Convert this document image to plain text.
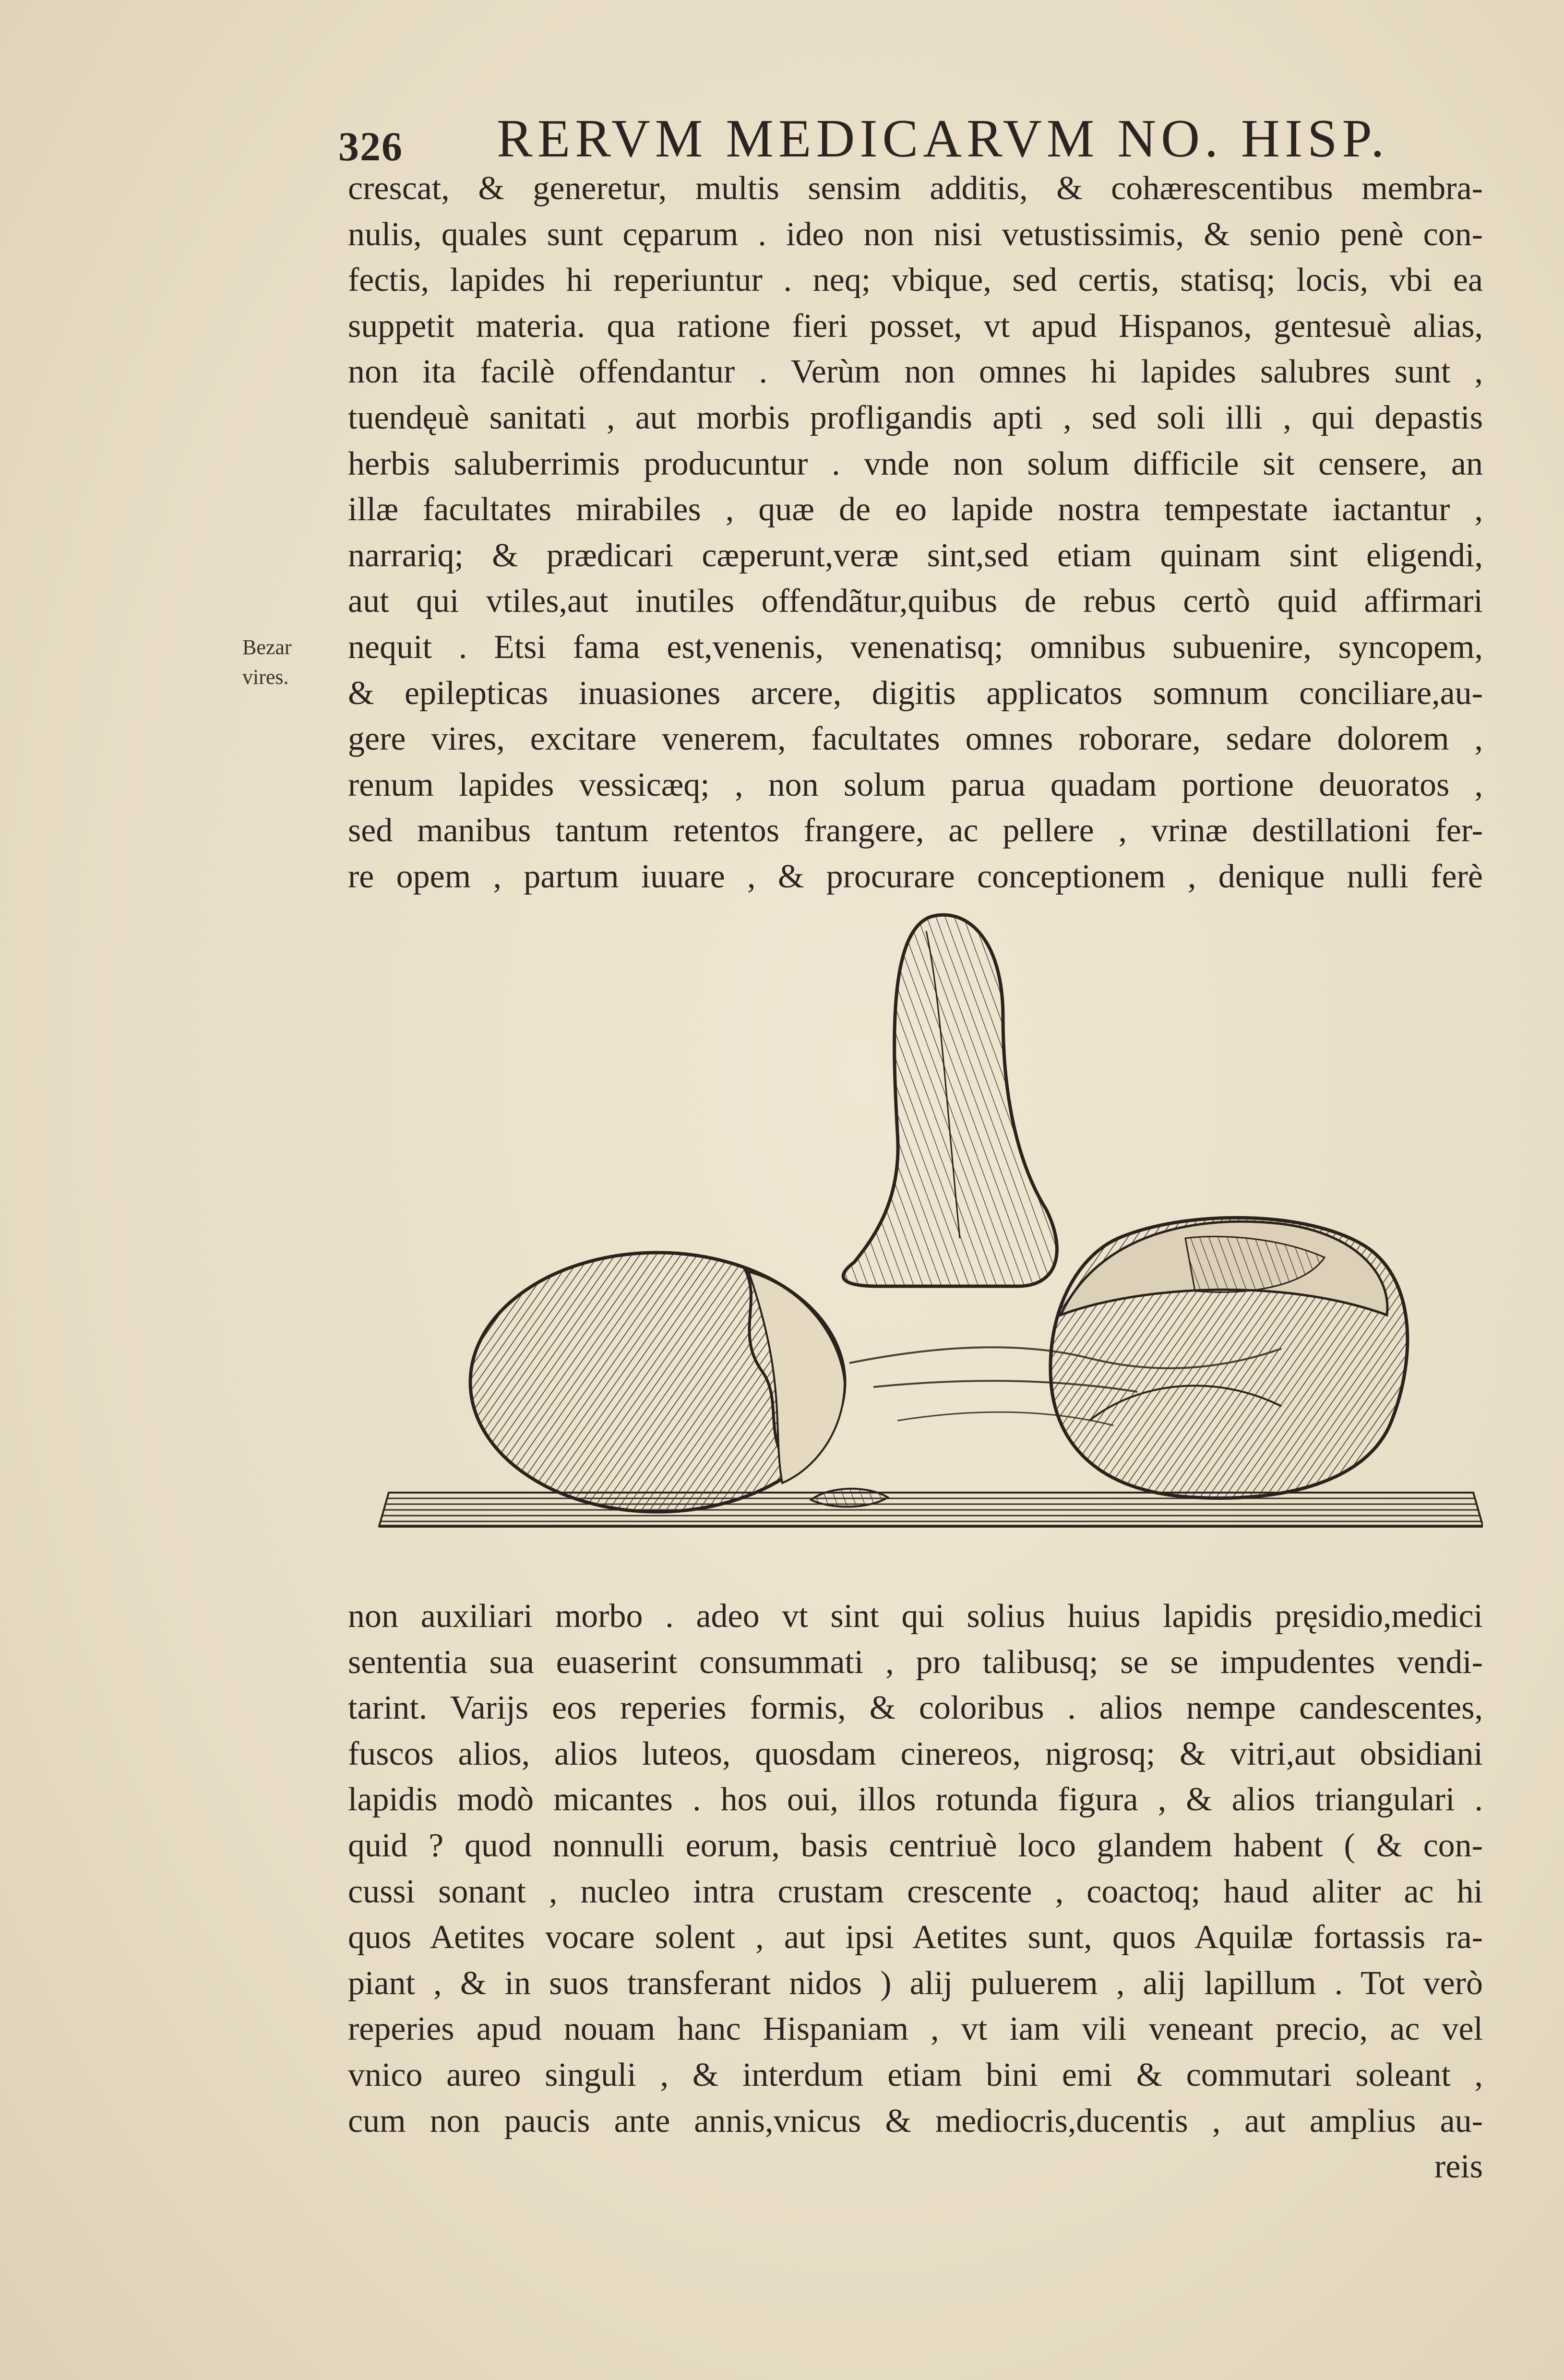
326 RERVM MEDICARVM NO. HISP.
Bezar
vires.
crescat, & generetur, multis sensim additis, & cohærescentibus membra-
nulis, quales sunt cęparum . ideo non nisi vetustissimis, & senio penè con-
fectis, lapides hi reperiuntur . neq; vbique, sed certis, statisq; locis, vbi ea
suppetit materia. qua ratione fieri posset, vt apud Hispanos, gentesuè alias,
non ita facilè offendantur . Verùm non omnes hi lapides salubres sunt ,
tuendęuè sanitati , aut morbis profligandis apti , sed soli illi , qui depastis
herbis saluberrimis producuntur . vnde non solum difficile sit censere, an
illæ facultates mirabiles , quæ de eo lapide nostra tempestate iactantur ,
narrariq; & prædicari cæperunt,veræ sint,sed etiam quinam sint eligendi,
aut qui vtiles,aut inutiles offendãtur,quibus de rebus certò quid affirmari
nequit . Etsi fama est,venenis, venenatisq; omnibus subuenire, syncopem,
& epilepticas inuasiones arcere, digitis applicatos somnum conciliare,au-
gere vires, excitare venerem, facultates omnes roborare, sedare dolorem ,
renum lapides vessicæq; , non solum parua quadam portione deuoratos ,
sed manibus tantum retentos frangere, ac pellere , vrinæ destillationi fer-
re opem , partum iuuare , & procurare conceptionem , denique nulli ferè
non auxiliari morbo . adeo vt sint qui solius huius lapidis pręsidio,medici
sententia sua euaserint consummati , pro talibusq; se se impudentes vendi-
tarint. Varijs eos reperies formis, & coloribus . alios nempe candescentes,
fuscos alios, alios luteos, quosdam cinereos, nigrosq; & vitri,aut obsidiani
lapidis modò micantes . hos oui, illos rotunda figura , & alios triangulari .
quid ? quod nonnulli eorum, basis centriuè loco glandem habent ( & con-
cussi sonant , nucleo intra crustam crescente , coactoq; haud aliter ac hi
quos Aetites vocare solent , aut ipsi Aetites sunt, quos Aquilæ fortassis ra-
piant , & in suos transferant nidos ) alij puluerem , alij lapillum . Tot verò
reperies apud nouam hanc Hispaniam , vt iam vili veneant precio, ac vel
vnico aureo singuli , & interdum etiam bini emi & commutari soleant ,
cum non paucis ante annis,vnicus & mediocris,ducentis , aut amplius au-
reis
